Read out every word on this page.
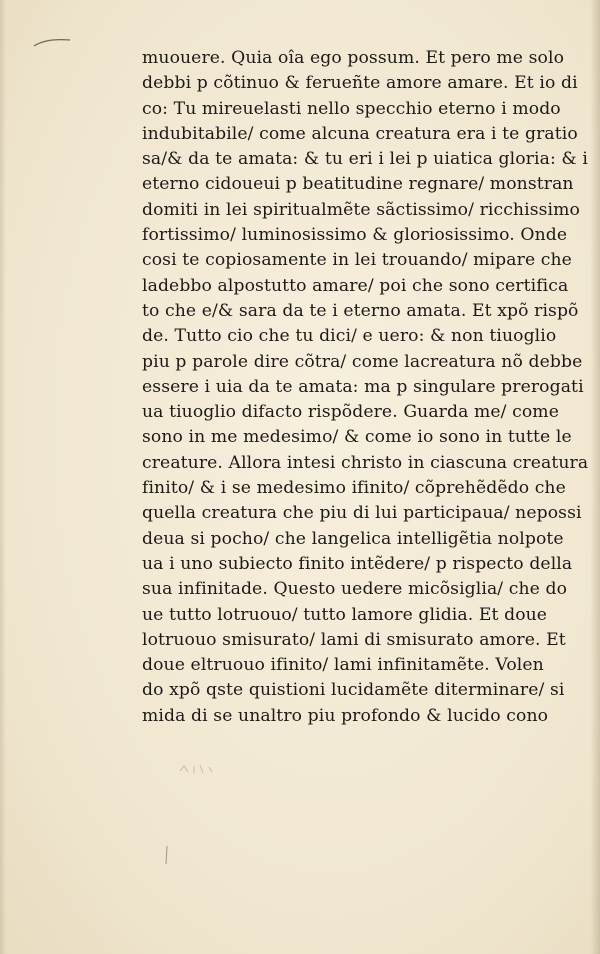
muouere. Quia oîa ego possum. Et pero me solo
debbi p cõtinuo & ferueñte amore amare. Et io di
co: Tu mireuelasti nello specchio eterno i modo
indubitabile/ come alcuna creatura era i te gratio
sa/& da te amata: & tu eri i lei p uiatica gloria: & i
eterno cidoueui p beatitudine regnare/ monstran
domiti in lei spiritualmẽte sãctissimo/ ricchissimo
fortissimo/ luminosissimo & gloriosissimo. Onde
cosi te copiosamente in lei trouando/ mipare che
ladebbo alpostutto amare/ poi che sono certifica
to che e/& sara da te i eterno amata. Et xpõ rispõ
de. Tutto cio che tu dici/ e uero: & non tiuoglio
piu p parole dire cõtra/ come lacreatura nõ debbe
essere i uia da te amata: ma p singulare prerogati
ua tiuoglio difacto rispõdere. Guarda me/ come
sono in me medesimo/ & come io sono in tutte le
creature. Allora intesi christo in ciascuna creatura
finito/ & i se medesimo ifinito/ cõprehẽdẽdo che
quella creatura che piu di lui participaua/ nepossi
deua si pocho/ che langelica intelligẽtia nolpote
ua i uno subiecto finito intẽdere/ p rispecto della
sua infinitade. Questo uedere micõsiglia/ che do
ue tutto lotruouo/ tutto lamore glidia. Et doue
lotruouo smisurato/ lami di smisurato amore. Et
doue eltruouo ifinito/ lami infinitamẽte. Volen
do xpõ qste quistioni lucidamẽte diterminare/ si
mida di se unaltro piu profondo & lucido cono
